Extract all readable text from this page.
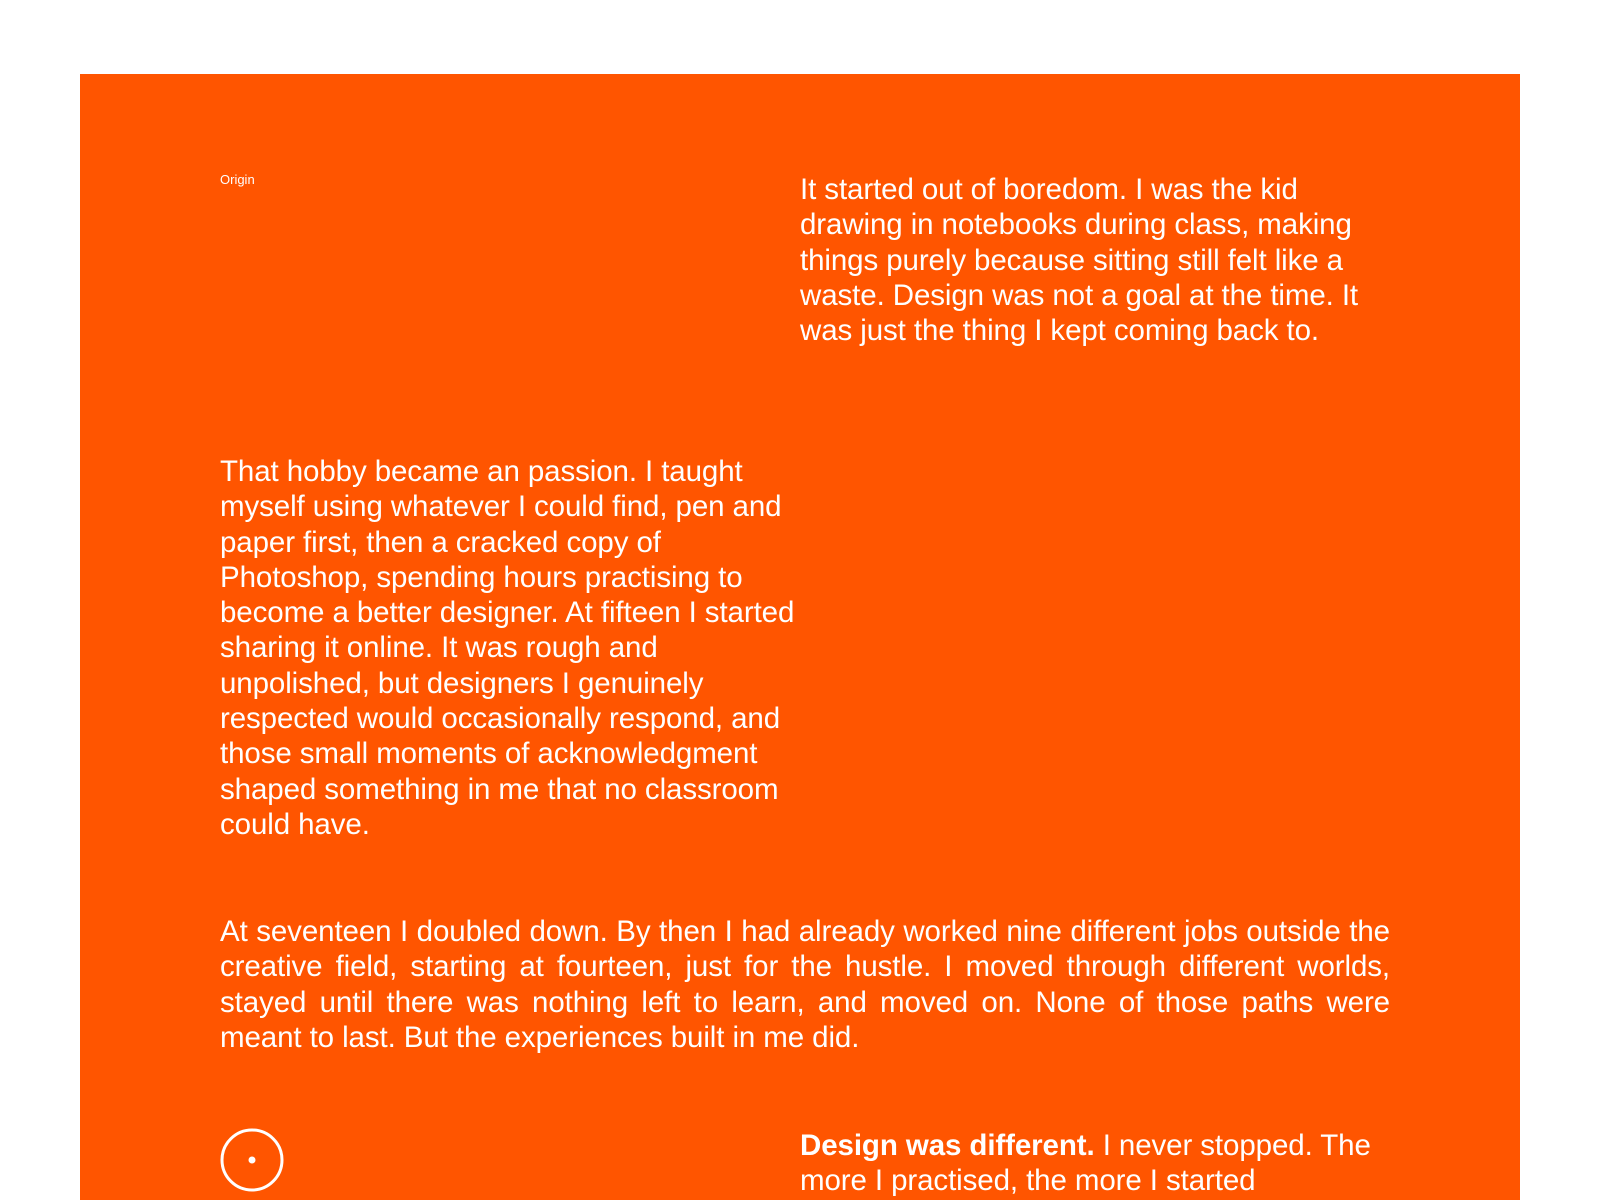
Origin	It started out of boredom. I was the kid drawing in notebooks during class, making things purely because sitting still felt like a waste. Design was not a goal at the time. It was just the thing I kept coming back to.

That hobby became an passion. I taught myself using whatever I could find, pen and paper first, then a cracked copy of Photoshop, spending hours practising to become a better designer. At fifteen I started sharing it online. It was rough and unpolished, but designers I genuinely respected would occasionally respond, and those small moments of acknowledgment shaped something in me that no classroom could have.

At seventeen I doubled down. By then I had already worked nine different jobs outside the creative field, starting at fourteen, just for the hustle. I moved through different worlds, stayed until there was nothing left to learn, and moved on. None of those paths were meant to last. But the experiences built in me did.

Design was different. I never stopped. The more I practised, the more I started
